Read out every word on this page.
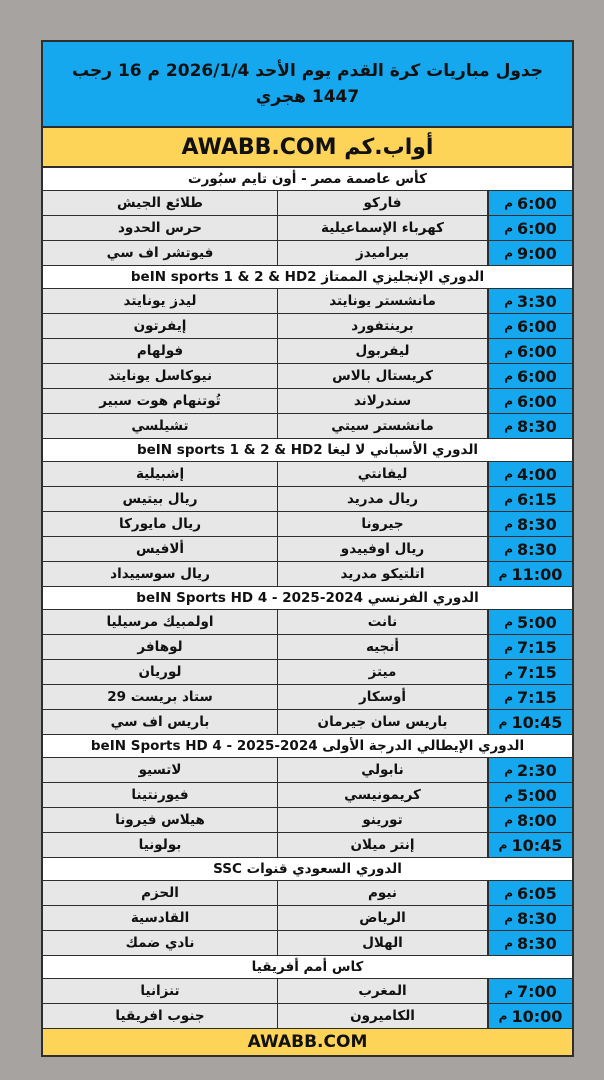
جدول مباريات كرة القدم يوم الأحد 2026/1/4 م 16 رجب 1447 هجري
أواب.كم AWABB.COM
كأس عاصمة مصر - أون تايم سبُورت
6:00
م
فاركو
طلائع الجيش
6:00
م
كهرباء الإسماعيلية
حرس الحدود
9:00
م
بيراميدز
فيوتشر اف سي
الدوري الإنجليزي الممتاز beIN sports 1 & 2 & HD2
3:30
م
مانشستر يونايتد
ليدز يونايتد
6:00
م
برينتفورد
إيفرتون
6:00
م
ليفربول
فولهام
6:00
م
كريستال بالاس
نيوكاسل يونايتد
6:00
م
سندرلاند
تُوتنهام هوت سبير
8:30
م
مانشستر سيتي
تشيلسي
الدوري الأسباني لا ليغا beIN sports 1 & 2 & HD2
4:00
م
ليفانتي
إشبيلية
6:15
م
ريال مدريد
ريال بيتيس
8:30
م
جيرونا
ريال مايوركا
8:30
م
ريال اوفييدو
ألافيس
11:00
م
اتلتيكو مدريد
ريال سوسييداد
الدوري الفرنسي 2024-2025 - beIN Sports HD 4
5:00
م
نانت
اولمبيك مرسيليا
7:15
م
أنجيه
لوهافر
7:15
م
ميتز
لوريان
7:15
م
أوسكار
ستاد بريست 29
10:45
م
باريس سان جيرمان
باريس اف سي
الدوري الإيطالي الدرجة الأولى 2024-2025 - beIN Sports HD 4
2:30
م
نابولي
لاتسيو
5:00
م
كريمونيسي
فيورنتينا
8:00
م
تورينو
هيلاس فيرونا
10:45
م
إنتر ميلان
بولونيا
الدوري السعودي قنوات SSC
6:05
م
نيوم
الحزم
8:30
م
الرياض
القادسية
8:30
م
الهلال
نادي ضمك
كاس أمم أفريقيا
7:00
م
المغرب
تنزانيا
10:00
م
الكاميرون
جنوب افريقيا
AWABB.COM
